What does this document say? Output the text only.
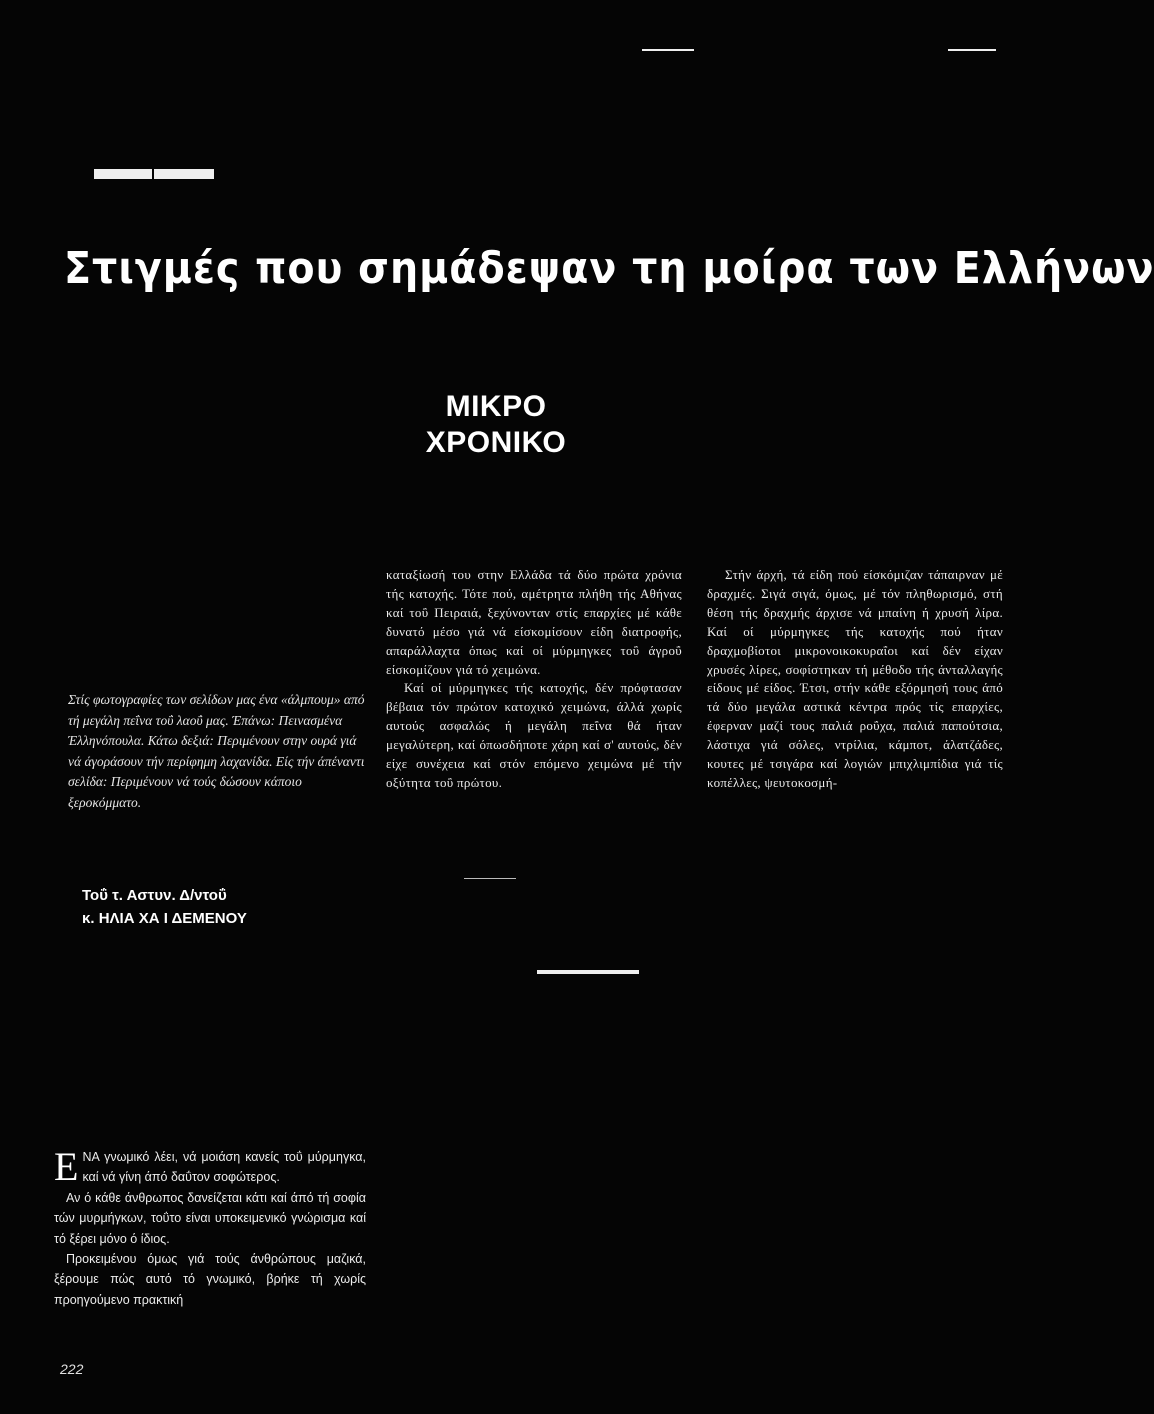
Στιγμές που σημάδεψαν τη μοίρα των Ελλήνων
ΜΙΚΡΟ
ΧΡΟΝΙΚΟ
Στίς φωτογραφίες των σελίδων μας ένα «άλμπουμ» από τή μεγάλη πεΐνα τοΰ λαοΰ μας. Έπάνω: Πεινασμένα Έλληνόπουλα. Κάτω δεξιά: Περιμένουν στην ουρά γιά νά άγοράσουν τήν περίφημη λαχανίδα. Είς τήν άπέναντι σελίδα: Περιμένουν νά τούς δώσουν κάποιο ξεροκόμματο.

καταξίωσή του στην Ελλάδα τά δύο πρώτα χρόνια τής κατοχής. Τότε πού, αμέτρητα πλήθη τής Αθήνας καί τοΰ Πειραιά, ξεχύνονταν στίς επαρχίες μέ κάθε δυνατό μέσο γιά νά είσκομίσουν είδη διατροφής, απαράλλαχτα όπως καί οί μύρμηγκες τοΰ άγροΰ είσκομίζουν γιά τό χειμώνα.

Καί οί μύρμηγκες τής κατοχής, δέν πρόφτασαν βέβαια τόν πρώτον κατοχικό χειμώνα, άλλά χωρίς αυτούς ασφαλώς ή μεγάλη πεΐνα θά ήταν μεγαλύτερη, καί όπωσδήποτε χάρη καί σ' αυτούς, δέν είχε συνέχεια καί στόν επόμενο χειμώνα μέ τήν οξύτητα τοΰ πρώτου.

Στήν άρχή, τά είδη πού είσκόμιζαν τάπαιρναν μέ δραχμές. Σιγά σιγά, όμως, μέ τόν πληθωρισμό, στή θέση τής δραχμής άρχισε νά μπαίνη ή χρυσή λίρα. Καί οί μύρμηγκες τής κατοχής πού ήταν δραχμοβίοτοι μικρονοικοκυραΐοι καί δέν είχαν χρυσές λίρες, σοφίστηκαν τή μέθοδο τής άνταλλαγής είδους μέ είδος. Έτσι, στήν κάθε εξόρμησή τους άπό τά δύο μεγάλα αστικά κέντρα πρός τίς επαρχίες, έφερναν μαζί τους παλιά ροΰχα, παλιά παπούτσια, λάστιχα γιά σόλες, ντρίλια, κάμποτ, άλατζάδες, κουτες μέ τσιγάρα καί λογιών μπιχλιμπίδια γιά τίς κοπέλλες, ψευτοκοσμή-

Τοΰ τ. Αστυν. Δ/ντοΰ
κ. ΗΛΙΑ ΧΑ Ι ΔΕΜΕΝΟΥ

ΕΝΑ γνωμικό λέει, νά μοιάση κανείς τοΰ μύρμηγκα, καί νά γίνη άπό δαΰτον σοφώτερος.

Αν ό κάθε άνθρωπος δανείζεται κάτι καί άπό τή σοφία τών μυρμήγκων, τοΰτο είναι υποκειμενικό γνώρισμα καί τό ξέρει μόνο ό ίδιος.

Προκειμένου όμως γιά τούς άνθρώπους μαζικά, ξέρουμε πώς αυτό τό γνωμικό, βρήκε τή χωρίς προηγούμενο πρακτική

222
